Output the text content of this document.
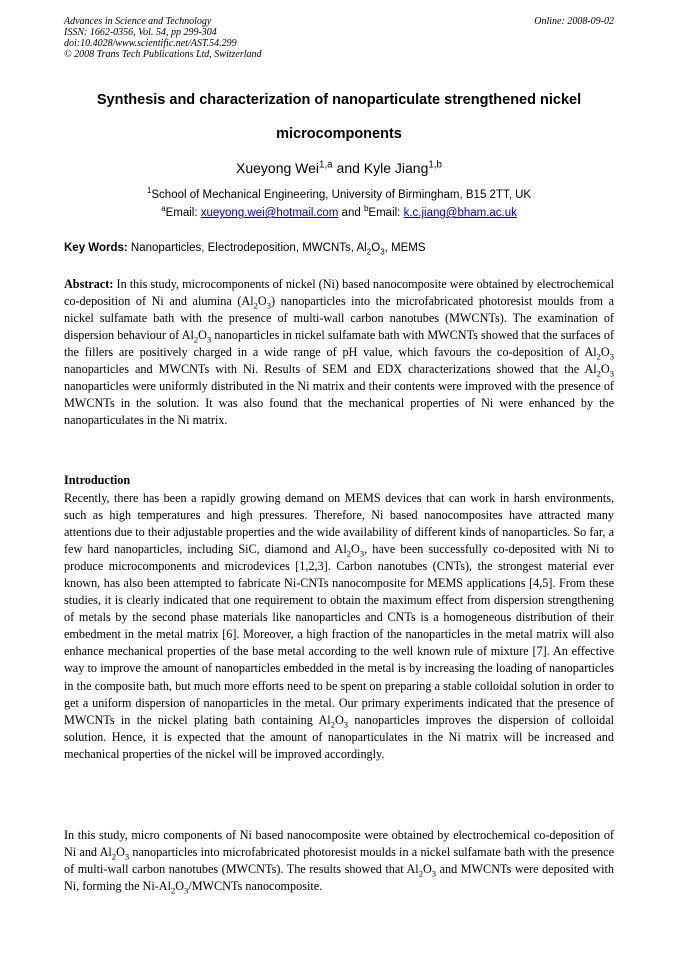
Advances in Science and Technology
ISSN: 1662-0356, Vol. 54, pp 299-304
doi:10.4028/www.scientific.net/AST.54.299
© 2008 Trans Tech Publications Ltd, Switzerland
Online: 2008-09-02
Synthesis and characterization of nanoparticulate strengthened nickel
microcomponents
Xueyong Wei$^{1,a}$ and Kyle Jiang$^{1,b}$
$^1$School of Mechanical Engineering, University of Birmingham, B15 2TT, UK
$^a$Email: xueyong.wei@hotmail.com and $^b$Email: k.c.jiang@bham.ac.uk
Key Words: Nanoparticles, Electrodeposition, MWCNTs, $Al_2O_3$, MEMS
Abstract: In this study, microcomponents of nickel (Ni) based nanocomposite were obtained by electrochemical co-deposition of Ni and alumina $(Al_2O_3)$ nanoparticles into the microfabricated photoresist moulds from a nickel sulfamate bath with the presence of multi-wall carbon nanotubes (MWCNTs). The examination of dispersion behaviour of $Al_2O_3$ nanoparticles in nickel sulfamate bath with MWCNTs showed that the surfaces of the fillers are positively charged in a wide range of pH value, which favours the co-deposition of $Al_2O_3$ nanoparticles and MWCNTs with Ni. Results of SEM and EDX characterizations showed that the $Al_2O_3$ nanoparticles were uniformly distributed in the Ni matrix and their contents were improved with the presence of MWCNTs in the solution. It was also found that the mechanical properties of Ni were enhanced by the nanoparticulates in the Ni matrix.
Introduction
Recently, there has been a rapidly growing demand on MEMS devices that can work in harsh environments, such as high temperatures and high pressures. Therefore, Ni based nanocomposites have attracted many attentions due to their adjustable properties and the wide availability of different kinds of nanoparticles. So far, a few hard nanoparticles, including SiC, diamond and $Al_2O_3$, have been successfully co-deposited with Ni to produce microcomponents and microdevices [1,2,3]. Carbon nanotubes (CNTs), the strongest material ever known, has also been attempted to fabricate Ni-CNTs nanocomposite for MEMS applications [4,5]. From these studies, it is clearly indicated that one requirement to obtain the maximum effect from dispersion strengthening of metals by the second phase materials like nanoparticles and CNTs is a homogeneous distribution of their embedment in the metal matrix [6]. Moreover, a high fraction of the nanoparticles in the metal matrix will also enhance mechanical properties of the base metal according to the well known rule of mixture [7]. An effective way to improve the amount of nanoparticles embedded in the metal is by increasing the loading of nanoparticles in the composite bath, but much more efforts need to be spent on preparing a stable colloidal solution in order to get a uniform dispersion of nanoparticles in the metal. Our primary experiments indicated that the presence of MWCNTs in the nickel plating bath containing $Al_2O_3$ nanoparticles improves the dispersion of colloidal solution. Hence, it is expected that the amount of nanoparticulates in the Ni matrix will be increased and mechanical properties of the nickel will be improved accordingly.
In this study, micro components of Ni based nanocomposite were obtained by electrochemical co-deposition of Ni and $Al_2O_3$ nanoparticles into microfabricated photoresist moulds in a nickel sulfamate bath with the presence of multi-wall carbon nanotubes (MWCNTs). The results showed that $Al_2O_3$ and MWCNTs were deposited with Ni, forming the $Ni-Al_2O_3$/MWCNTs nanocomposite.
